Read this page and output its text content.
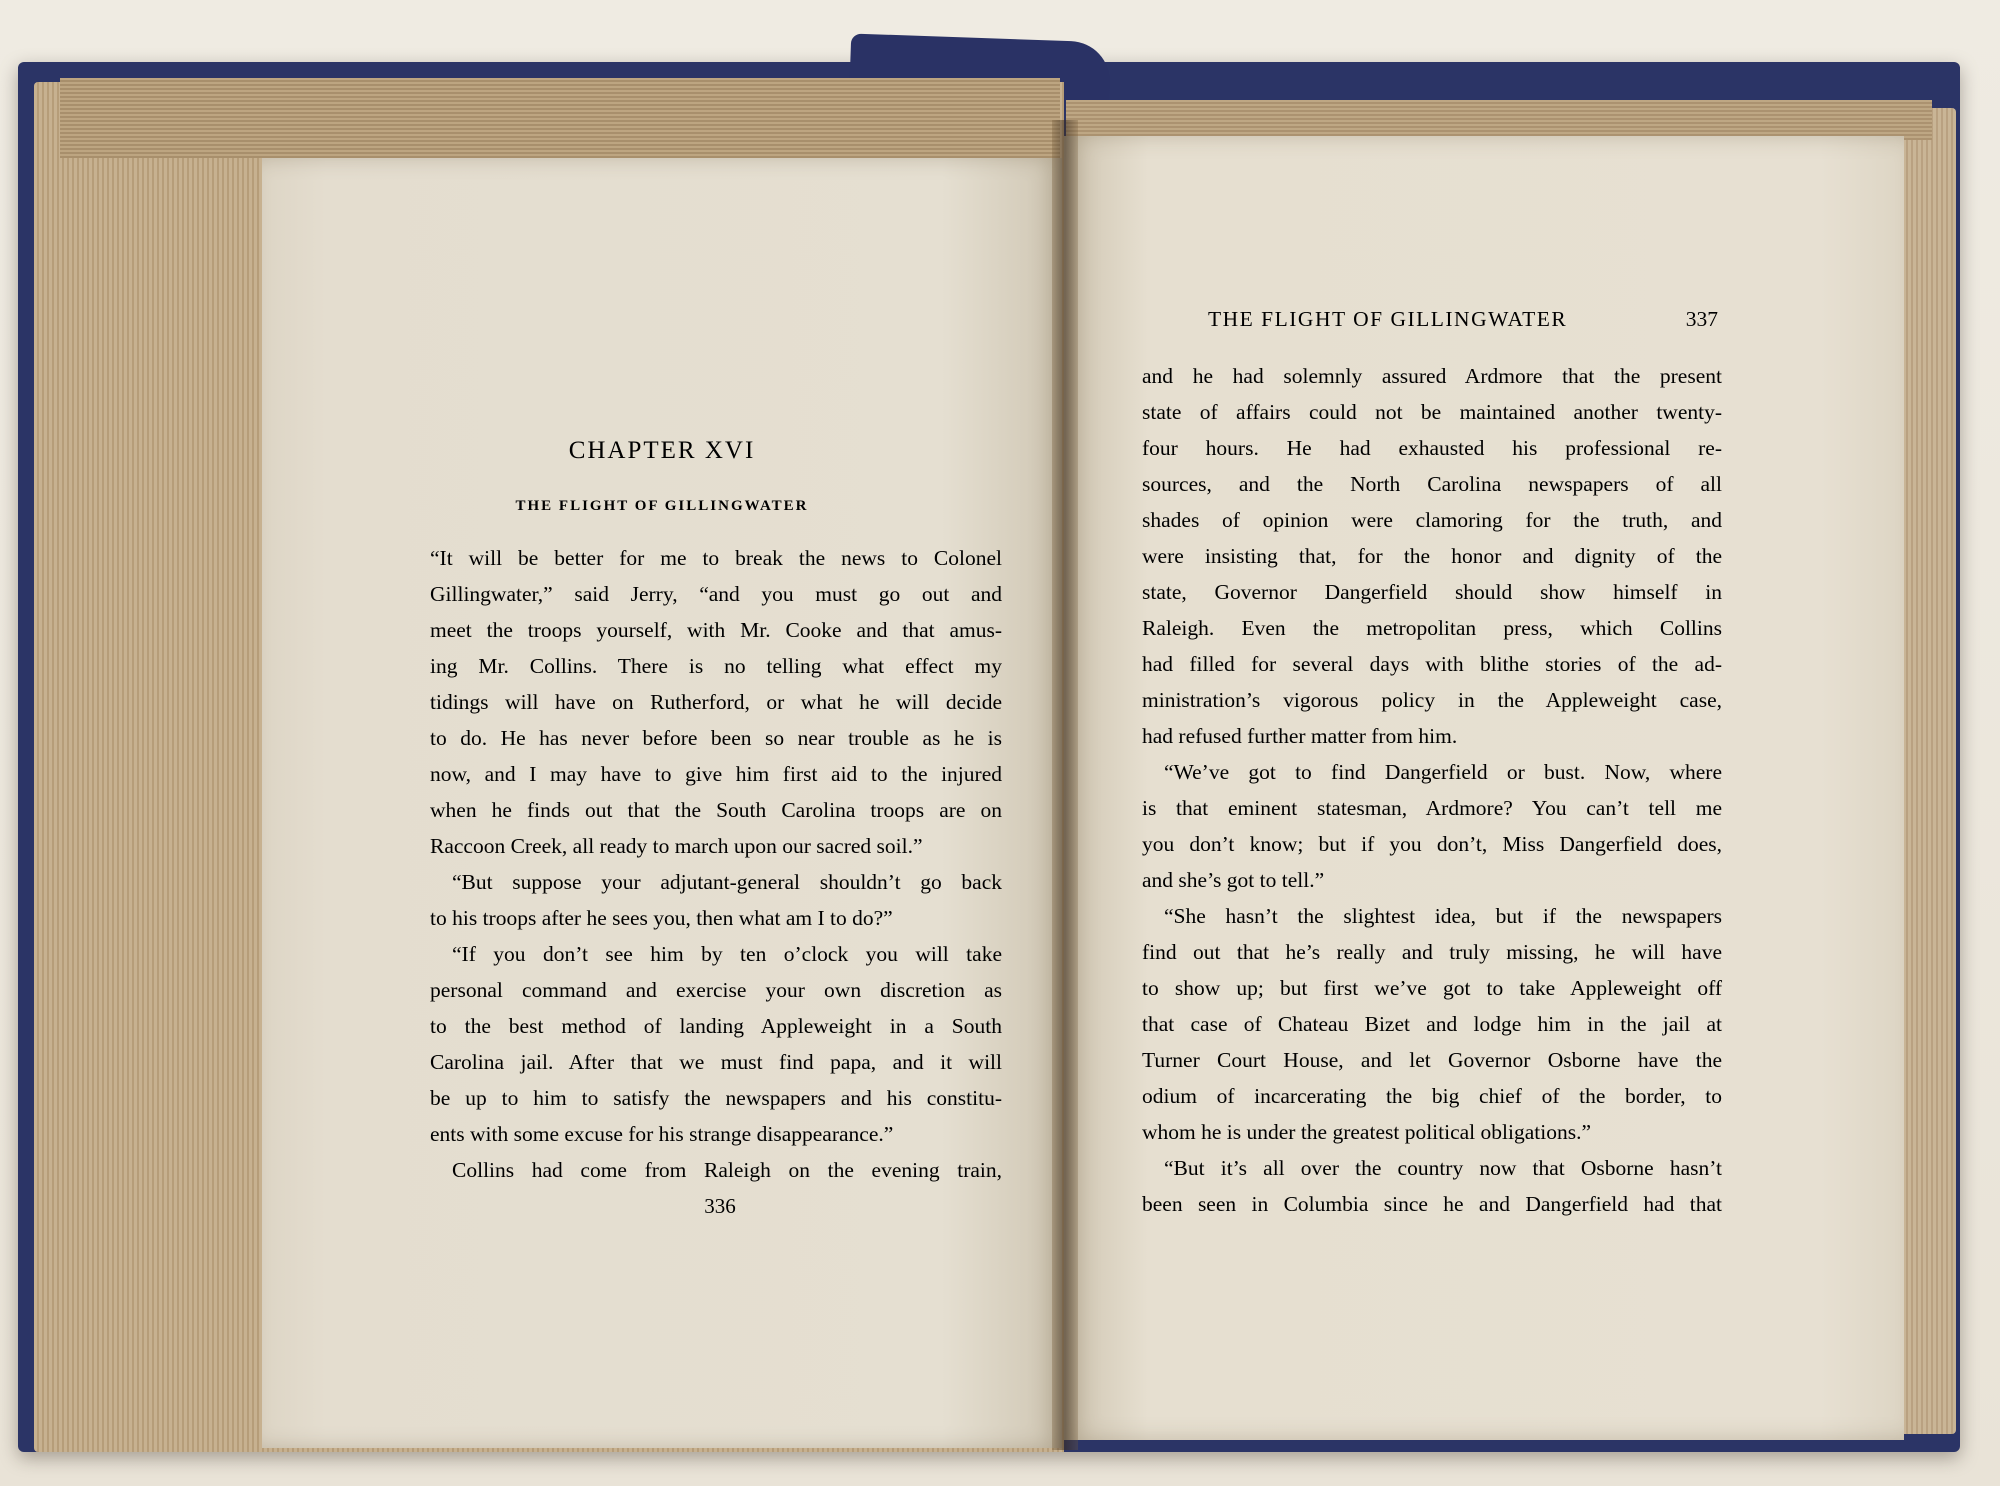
CHAPTER XVI
THE FLIGHT OF GILLINGWATER
“It will be better for me to break the news to Colonel
Gillingwater,” said Jerry, “and you must go out and
meet the troops yourself, with Mr. Cooke and that amus-
ing Mr. Collins. There is no telling what effect my
tidings will have on Rutherford, or what he will decide
to do. He has never before been so near trouble as he is
now, and I may have to give him first aid to the injured
when he finds out that the South Carolina troops are on
Raccoon Creek, all ready to march upon our sacred soil.”
“But suppose your adjutant-general shouldn’t go back
to his troops after he sees you, then what am I to do?”
“If you don’t see him by ten o’clock you will take
personal command and exercise your own discretion as
to the best method of landing Appleweight in a South
Carolina jail. After that we must find papa, and it will
be up to him to satisfy the newspapers and his constitu-
ents with some excuse for his strange disappearance.”
Collins had come from Raleigh on the evening train,
336
THE FLIGHT OF GILLINGWATER	337
and he had solemnly assured Ardmore that the present
state of affairs could not be maintained another twenty-
four hours. He had exhausted his professional re-
sources, and the North Carolina newspapers of all
shades of opinion were clamoring for the truth, and
were insisting that, for the honor and dignity of the
state, Governor Dangerfield should show himself in
Raleigh. Even the metropolitan press, which Collins
had filled for several days with blithe stories of the ad-
ministration’s vigorous policy in the Appleweight case,
had refused further matter from him.
“We’ve got to find Dangerfield or bust. Now, where
is that eminent statesman, Ardmore? You can’t tell me
you don’t know; but if you don’t, Miss Dangerfield does,
and she’s got to tell.”
“She hasn’t the slightest idea, but if the newspapers
find out that he’s really and truly missing, he will have
to show up; but first we’ve got to take Appleweight off
that case of Chateau Bizet and lodge him in the jail at
Turner Court House, and let Governor Osborne have the
odium of incarcerating the big chief of the border, to
whom he is under the greatest political obligations.”
“But it’s all over the country now that Osborne hasn’t
been seen in Columbia since he and Dangerfield had that
